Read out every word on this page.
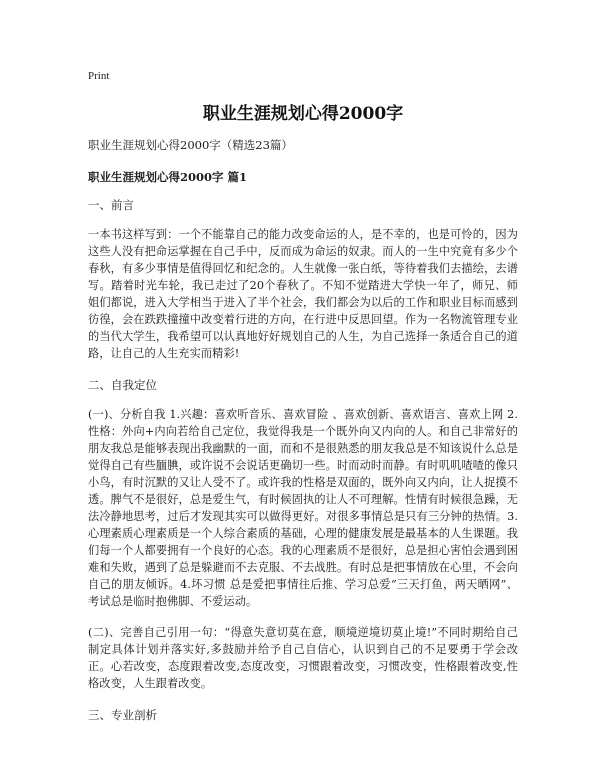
Print
职业生涯规划心得2000字

职业生涯规划心得2000字（精选23篇）

职业生涯规划心得2000字 篇1

一、前言

一本书这样写到：一个不能靠自己的能力改变命运的人，是不幸的，也是可怜的，因为这些人没有把命运掌握在自己手中，反而成为命运的奴隶。而人的一生中究竟有多少个春秋，有多少事情是值得回忆和纪念的。人生就像一张白纸，等待着我们去描绘，去谱写。踏着时光车轮，我已走过了20个春秋了。不知不觉踏进大学快一年了，师兄、师姐们都说，进入大学相当于进入了半个社会，我们都会为以后的工作和职业目标而感到彷徨，会在跌跌撞撞中改变着行进的方向，在行进中反思回望。作为一名物流管理专业的当代大学生，我希望可以认真地好好规划自己的人生，为自己选择一条适合自己的道路，让自己的人生充实而精彩!

二、自我定位

(一)、分析自我 1.兴趣：喜欢听音乐、喜欢冒险 、喜欢创新、喜欢语言、喜欢上网 2.性格：外向+内向若给自己定位，我觉得我是一个既外向又内向的人。和自己非常好的朋友我总是能够表现出我幽默的一面，而和不是很熟悉的朋友我总是不知该说什么总是觉得自己有些腼腆，或许说不会说话更确切一些。时而动时而静。有时叽叽喳喳的像只小鸟，有时沉默的又让人受不了。或许我的性格是双面的，既外向又内向，让人捉摸不透。脾气不是很好，总是爱生气，有时候固执的让人不可理解。性情有时候很急躁，无法冷静地思考，过后才发现其实可以做得更好。对很多事情总是只有三分钟的热情。3.心理素质心理素质是一个人综合素质的基础，心理的健康发展是最基本的人生课题。我们每一个人都要拥有一个良好的心态。我的心理素质不是很好，总是担心害怕会遇到困难和失败，遇到了总是躲避而不去克服、不去战胜。有时总是把事情放在心里，不会向自己的朋友倾诉。4.坏习惯 总是爱把事情往后推、学习总爱“三天打鱼，两天晒网”、考试总是临时抱佛脚、不爱运动。

(二)、完善自己引用一句：“得意失意切莫在意，顺境逆境切莫止境!”不同时期给自己制定具体计划并落实好,多鼓励并给予自己自信心，认识到自己的不足要勇于学会改正。心若改变，态度跟着改变,态度改变，习惯跟着改变，习惯改变，性格跟着改变,性格改变，人生跟着改变。

三、专业剖析
